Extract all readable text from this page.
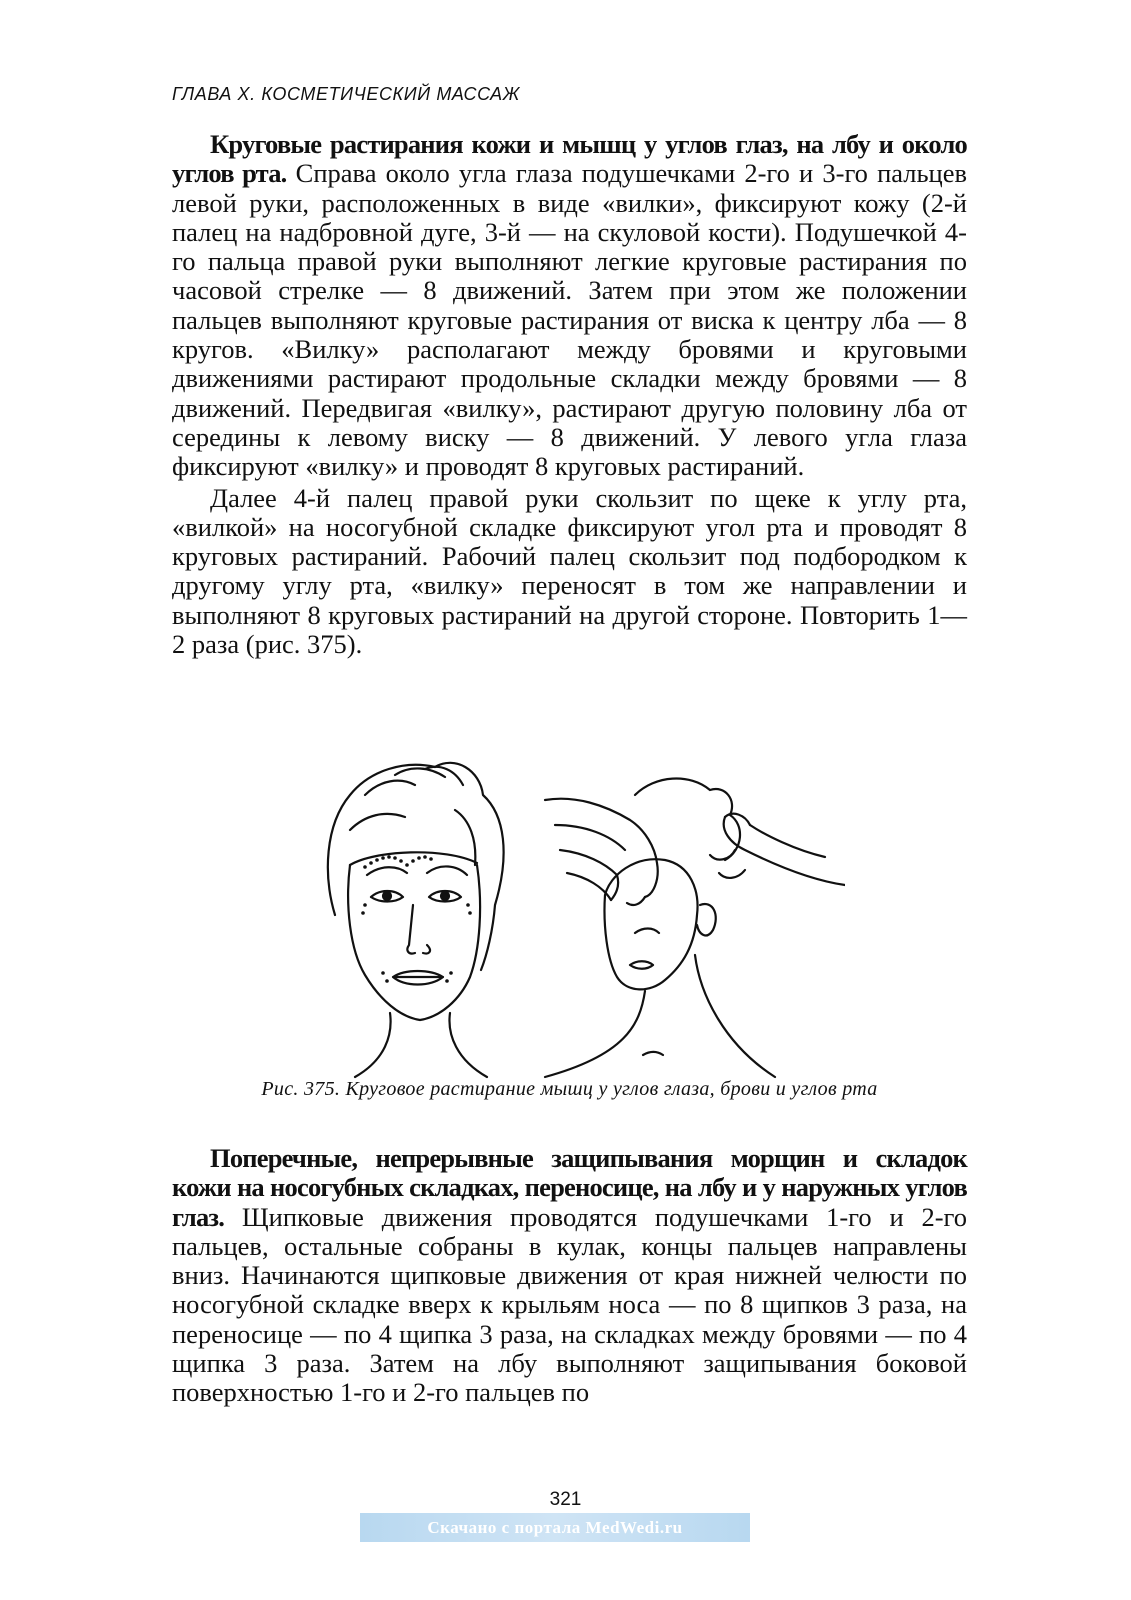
ГЛАВА X. КОСМЕТИЧЕСКИЙ МАССАЖ

Круговые растирания кожи и мышц у углов глаз, на лбу и около углов рта. Справа около угла глаза подушечками 2-го и 3-го пальцев левой руки, расположенных в виде «вилки», фиксируют кожу (2-й палец на надбровной дуге, 3-й — на скуловой кости). Подушечкой 4-го пальца правой руки выполняют легкие круговые растирания по часовой стрелке — 8 движений. Затем при этом же положении пальцев выполняют круговые растирания от виска к центру лба — 8 кругов. «Вилку» располагают между бровями и круговыми движениями растирают продольные складки между бровями — 8 движений. Передвигая «вилку», растирают другую половину лба от середины к левому виску — 8 движений. У левого угла глаза фиксируют «вилку» и проводят 8 круговых растираний.

Далее 4-й палец правой руки скользит по щеке к углу рта, «вилкой» на носогубной складке фиксируют угол рта и проводят 8 круговых растираний. Рабочий палец скользит под подбородком к другому углу рта, «вилку» переносят в том же направлении и выполняют 8 круговых растираний на другой стороне. Повторить 1—2 раза (рис. 375).

Рис. 375. Круговое растирание мышц у углов глаза, брови и углов рта

Поперечные, непрерывные защипывания морщин и складок кожи на носогубных складках, переносице, на лбу и у наружных углов глаз. Щипковые движения проводятся подушечками 1-го и 2-го пальцев, остальные собраны в кулак, концы пальцев направлены вниз. Начинаются щипковые движения от края нижней челюсти по носогубной складке вверх к крыльям носа — по 8 щипков 3 раза, на переносице — по 4 щипка 3 раза, на складках между бровями — по 4 щипка 3 раза. Затем на лбу выполняют защипывания боковой поверхностью 1-го и 2-го пальцев по

321
Скачано с портала MedWedi.ru
